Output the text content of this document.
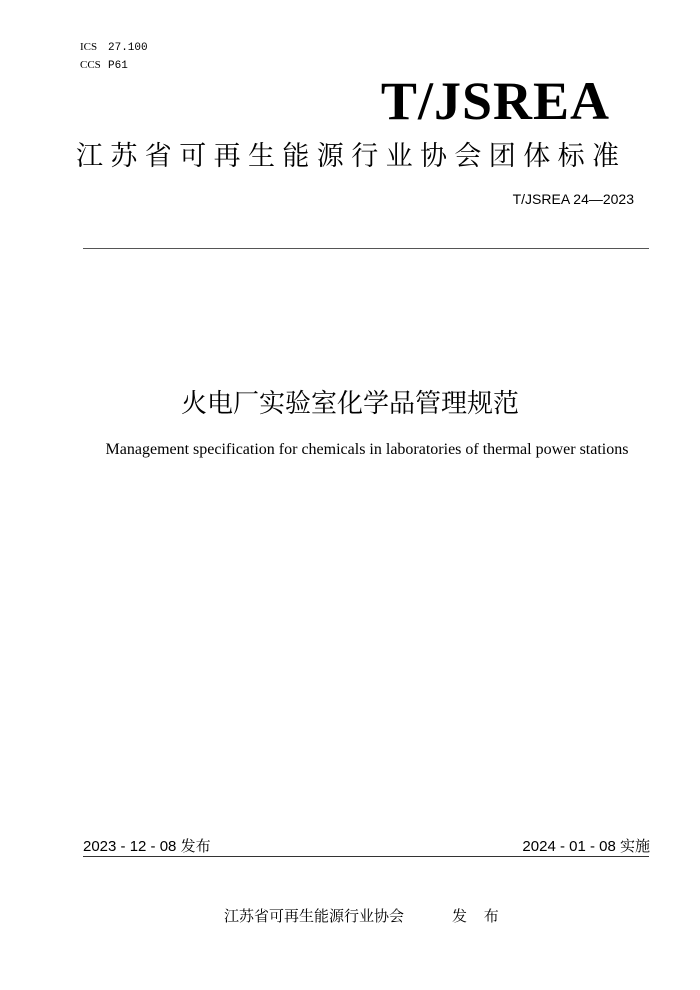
ICS 27.100
CCS P61
T/JSREA
江苏省可再生能源行业协会团体标准
T/JSREA 24—2023
火电厂实验室化学品管理规范
Management specification for chemicals in laboratories of thermal power stations
2023 - 12 - 08 发布	2024 - 01 - 08 实施
江苏省可再生能源行业协会	发 布
